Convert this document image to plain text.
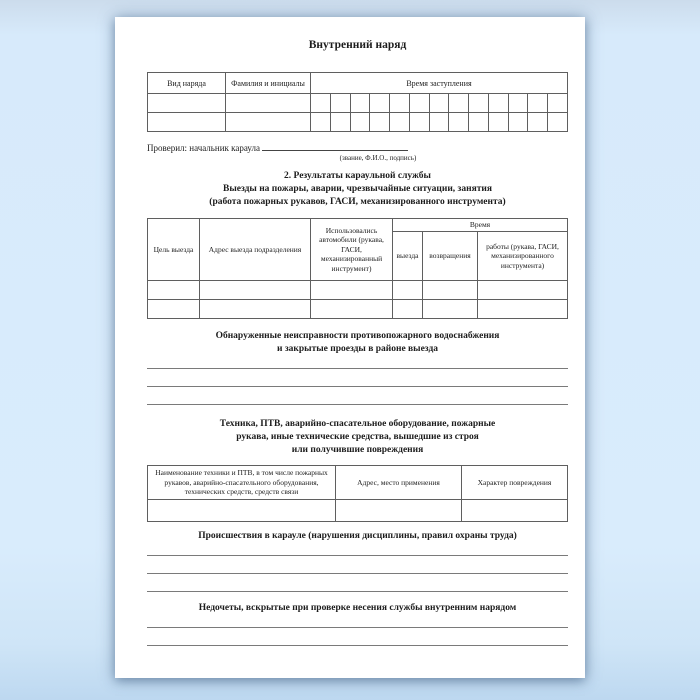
Внутренний наряд
Вид наряда	Фамилия и инициалы	Время заступления												

Проверил: начальник караула
(звание, Ф.И.О., подпись)
2. Результаты караульной службы
Выезды на пожары, аварии, чрезвычайные ситуации, занятия
(работа пожарных рукавов, ГАСИ, механизированного инструмента)
Цель выезда	Адрес выезда подразделения	Использовались автомобили (рукава, ГАСИ, механизированный инструмент)	Время		
			выезда	возвращения	работы (рукава, ГАСИ, механизированного инструмента)

Обнаруженные неисправности противопожарного водоснабжения
и закрытые проезды в районе выезда
Техника, ПТВ, аварийно-спасательное оборудование, пожарные
рукава, иные технические средства, вышедшие из строя
или получившие повреждения
Наименование техники и ПТВ, в том числе пожарных рукавов, аварийно-спасательного оборудования, технических средств, средств связи	Адрес, место применения	Характер повреждения

Происшествия в карауле (нарушения дисциплины, правил охраны труда)
Недочеты, вскрытые при проверке несения службы внутренним нарядом
